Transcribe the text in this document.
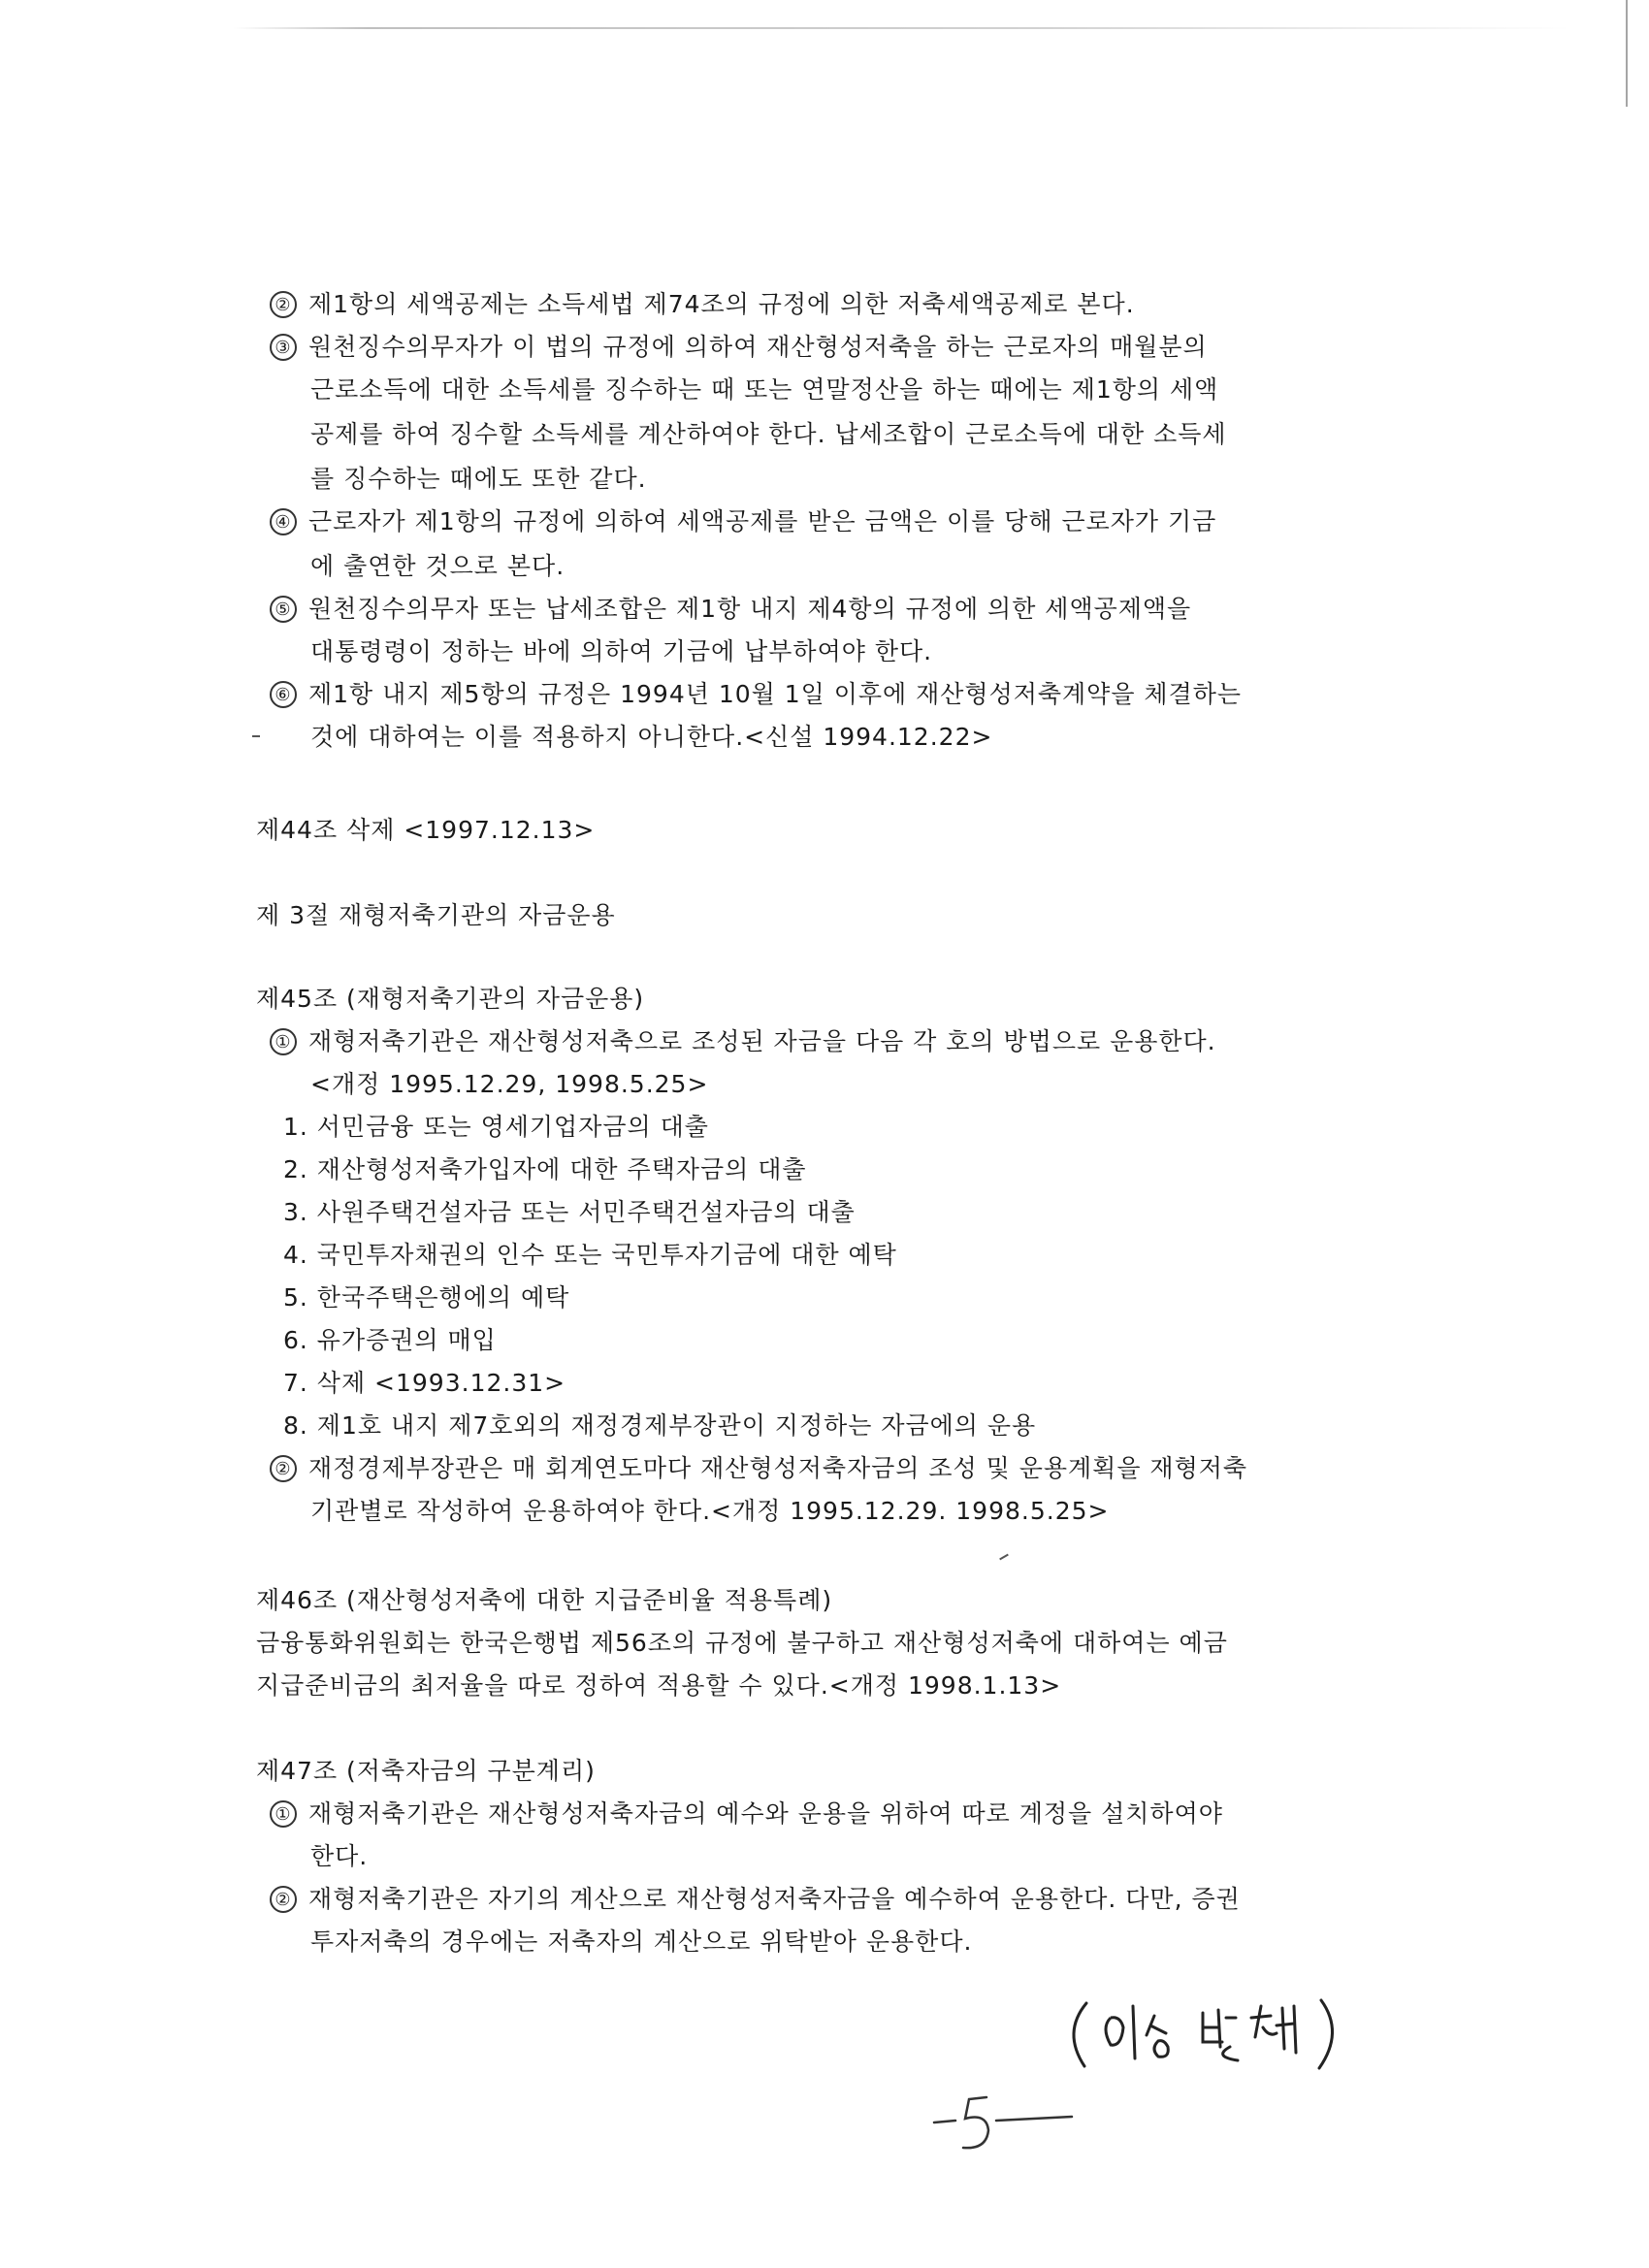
② 제1항의 세액공제는 소득세법 제74조의 규정에 의한 저축세액공제로 본다.
③ 원천징수의무자가 이 법의 규정에 의하여 재산형성저축을 하는 근로자의 매월분의
근로소득에 대한 소득세를 징수하는 때 또는 연말정산을 하는 때에는 제1항의 세액
공제를 하여 징수할 소득세를 계산하여야 한다. 납세조합이 근로소득에 대한 소득세
를 징수하는 때에도 또한 같다.
④ 근로자가 제1항의 규정에 의하여 세액공제를 받은 금액은 이를 당해 근로자가 기금
에 출연한 것으로 본다.
⑤ 원천징수의무자 또는 납세조합은 제1항 내지 제4항의 규정에 의한 세액공제액을
대통령령이 정하는 바에 의하여 기금에 납부하여야 한다.
⑥ 제1항 내지 제5항의 규정은 1994년 10월 1일 이후에 재산형성저축계약을 체결하는
것에 대하여는 이를 적용하지 아니한다.<신설 1994.12.22>
제44조 삭제 <1997.12.13>
제 3절 재형저축기관의 자금운용
제45조 (재형저축기관의 자금운용)
① 재형저축기관은 재산형성저축으로 조성된 자금을 다음 각 호의 방법으로 운용한다.
<개정 1995.12.29, 1998.5.25>
1. 서민금융 또는 영세기업자금의 대출
2. 재산형성저축가입자에 대한 주택자금의 대출
3. 사원주택건설자금 또는 서민주택건설자금의 대출
4. 국민투자채권의 인수 또는 국민투자기금에 대한 예탁
5. 한국주택은행에의 예탁
6. 유가증권의 매입
7. 삭제 <1993.12.31>
8. 제1호 내지 제7호외의 재정경제부장관이 지정하는 자금에의 운용
② 재정경제부장관은 매 회계연도마다 재산형성저축자금의 조성 및 운용계획을 재형저축
기관별로 작성하여 운용하여야 한다.<개정 1995.12.29. 1998.5.25>
제46조 (재산형성저축에 대한 지급준비율 적용특례)
금융통화위원회는 한국은행법 제56조의 규정에 불구하고 재산형성저축에 대하여는 예금
지급준비금의 최저율을 따로 정하여 적용할 수 있다.<개정 1998.1.13>
제47조 (저축자금의 구분계리)
① 재형저축기관은 재산형성저축자금의 예수와 운용을 위하여 따로 계정을 설치하여야
한다.
② 재형저축기관은 자기의 계산으로 재산형성저축자금을 예수하여 운용한다. 다만, 증권
투자저축의 경우에는 저축자의 계산으로 위탁받아 운용한다.
